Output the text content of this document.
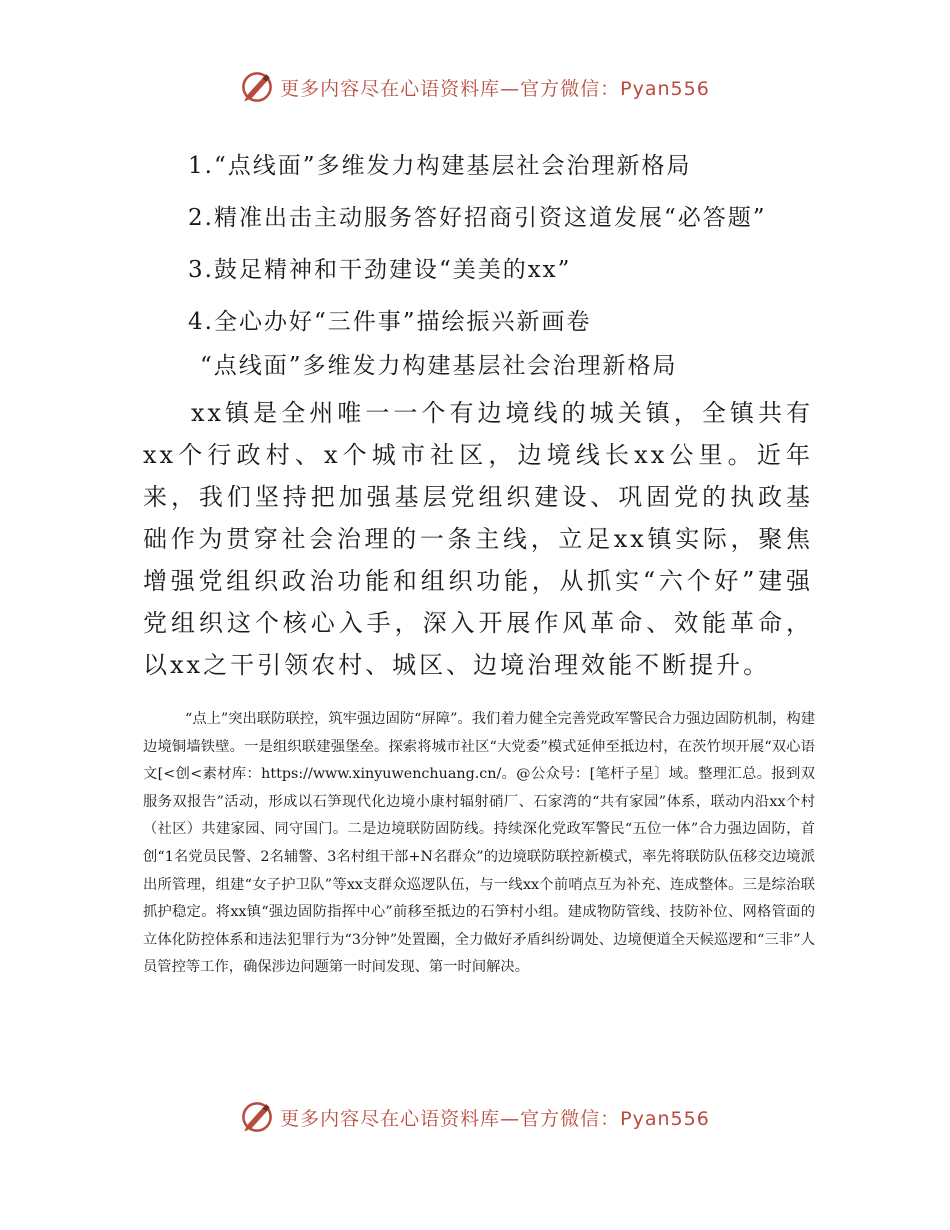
更多内容尽在心语资料库—官方微信：Pyan556
1.“点线面”多维发力构建基层社会治理新格局
2.精准出击主动服务答好招商引资这道发展“必答题”
3.鼓足精神和干劲建设“美美的xx”
4.全心办好“三件事”描绘振兴新画卷
“点线面”多维发力构建基层社会治理新格局

xx镇是全州唯一一个有边境线的城关镇，全镇共有xx个行政村、x个城市社区，边境线长xx公里。近年来，我们坚持把加强基层党组织建设、巩固党的执政基础作为贯穿社会治理的一条主线，立足xx镇实际，聚焦增强党组织政治功能和组织功能，从抓实“六个好”建强党组织这个核心入手，深入开展作风革命、效能革命，以xx之干引领农村、城区、边境治理效能不断提升。

“点上”突出联防联控，筑牢强边固防“屏障”。我们着力健全完善党政军警民合力强边固防机制，构建边境铜墙铁壁。一是组织联建强堡垒。探索将城市社区“大党委”模式延伸至抵边村，在茨竹坝开展“双心语文[<创<素材库：https://www.xinyuwenchuang.cn/。@公众号：[笔杆子星〕域。整理汇总。报到双服务双报告”活动，形成以石笋现代化边境小康村辐射硝厂、石家湾的“共有家园”体系，联动内沿xx个村（社区）共建家园、同守国门。二是边境联防固防线。持续深化党政军警民“五位一体”合力强边固防，首创“1名党员民警、2名辅警、3名村组干部+N名群众”的边境联防联控新模式，率先将联防队伍移交边境派出所管理，组建“女子护卫队”等xx支群众巡逻队伍，与一线xx个前哨点互为补充、连成整体。三是综治联抓护稳定。将xx镇“强边固防指挥中心”前移至抵边的石笋村小组。建成物防管线、技防补位、网格管面的立体化防控体系和违法犯罪行为“3分钟”处置圈，全力做好矛盾纠纷调处、边境便道全天候巡逻和“三非”人员管控等工作，确保涉边问题第一时间发现、第一时间解决。

更多内容尽在心语资料库—官方微信：Pyan556
